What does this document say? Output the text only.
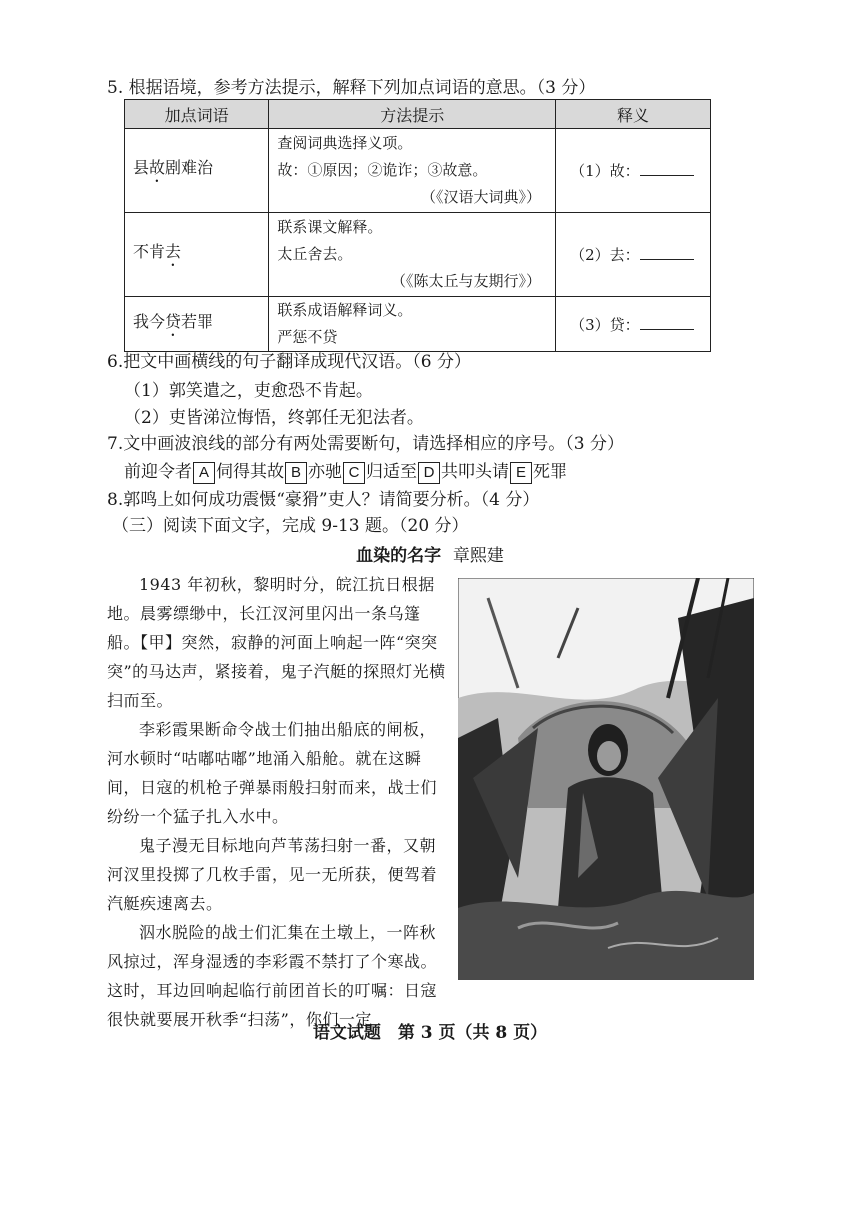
5. 根据语境，参考方法提示，解释下列加点词语的意思。（3 分）
加点词语	方法提示	释义
县故剧难治	查阅词典选择义项。
故：①原因；②诡诈；③故意。
（《汉语大词典》）	（1）故：
不肯去	联系课文解释。
太丘舍去。
（《陈太丘与友期行》）	（2）去：
我今贷若罪	联系成语解释词义。
严惩不贷	（3）贷：
6.把文中画横线的句子翻译成现代汉语。（6 分）
（1）郭笑遣之，吏愈恐不肯起。
（2）吏皆涕泣悔悟，终郭任无犯法者。
7.文中画波浪线的部分有两处需要断句，请选择相应的序号。（3 分）
前迎令者 A 伺得其故 B 亦驰 C 归适至 D 共叩头请 E 死罪
8.郭鸣上如何成功震慑“豪猾”吏人？请简要分析。（4 分）
（三）阅读下面文字，完成 9-13 题。（20 分）
血染的名字 章熙建

1943 年初秋，黎明时分，皖江抗日根据地。晨雾缥缈中，长江汊河里闪出一条乌篷船。【甲】突然，寂静的河面上响起一阵“突突突”的马达声，紧接着，鬼子汽艇的探照灯光横扫而至。

李彩霞果断命令战士们抽出船底的闸板，河水顿时“咕嘟咕嘟”地涌入船舱。就在这瞬间，日寇的机枪子弹暴雨般扫射而来，战士们纷纷一个猛子扎入水中。

鬼子漫无目标地向芦苇荡扫射一番，又朝河汊里投掷了几枚手雷，见一无所获，便驾着汽艇疾速离去。

泅水脱险的战士们汇集在土墩上，一阵秋风掠过，浑身湿透的李彩霞不禁打了个寒战。这时，耳边回响起临行前团首长的叮嘱：日寇很快就要展开秋季“扫荡”，你们一定

语文试题　第 3 页（共 8 页）
